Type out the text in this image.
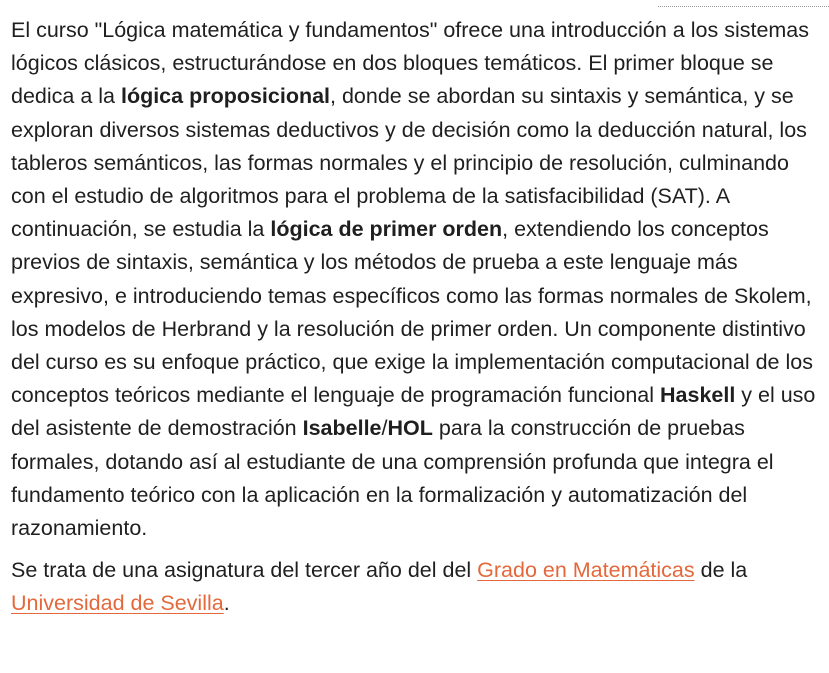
El curso "Lógica matemática y fundamentos" ofrece una introducción a los sistemas lógicos clásicos, estructurándose en dos bloques temáticos. El primer bloque se dedica a la lógica proposicional, donde se abordan su sintaxis y semántica, y se exploran diversos sistemas deductivos y de decisión como la deducción natural, los tableros semánticos, las formas normales y el principio de resolución, culminando con el estudio de algoritmos para el problema de la satisfacibilidad (SAT). A continuación, se estudia la lógica de primer orden, extendiendo los conceptos previos de sintaxis, semántica y los métodos de prueba a este lenguaje más expresivo, e introduciendo temas específicos como las formas normales de Skolem, los modelos de Herbrand y la resolución de primer orden. Un componente distintivo del curso es su enfoque práctico, que exige la implementación computacional de los conceptos teóricos mediante el lenguaje de programación funcional Haskell y el uso del asistente de demostración Isabelle/HOL para la construcción de pruebas formales, dotando así al estudiante de una comprensión profunda que integra el fundamento teórico con la aplicación en la formalización y automatización del razonamiento.

Se trata de una asignatura del tercer año del del Grado en Matemáticas de la Universidad de Sevilla.
